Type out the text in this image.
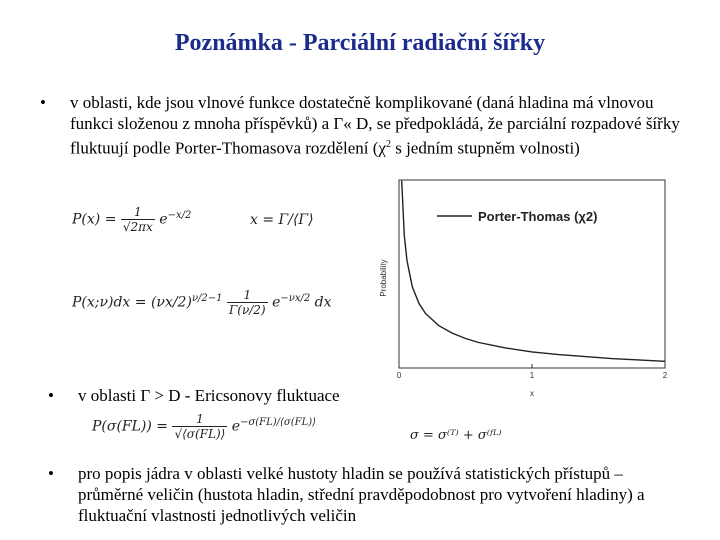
Poznámka - Parciální radiační šířky
• v oblasti, kde jsou vlnové funkce dostatečně komplikované (daná hladina má vlnovou funkci složenou z mnoha příspěvků) a Γ« D, se předpokládá, že parciální rozpadové šířky fluktuují podle Porter-Thomasova rozdělení ($\chi^2$ s jedním stupněm volnosti)
$P(x) = \frac{1}{√2\pi x} e^{-x/2}$	x = Γ/⟨Γ⟩
P(x;ν)dx = $(\nu x/2)^{\nu/2-1} \frac{1}{\Gamma(\nu/2)} e^{-\nu x/2}$ dx
Porter-Thomas (χ2)
Probability
x
0	1	2
• v oblasti Γ > D - Ericsonovy fluktuace
$P(\sigma(FL)) = \frac{1}{√⟨\sigma(FL)⟩} e^{-\sigma(FL)/⟨\sigma(FL)⟩}$
σ = σ⁽ᵀ⁾ + σ⁽ᶠᴸ⁾
• pro popis jádra v oblasti velké hustoty hladin se používá statistických přístupů – průměrné veličin (hustota hladin, střední pravděpodobnost pro vytvoření hladiny) a fluktuační vlastnosti jednotlivých veličin
